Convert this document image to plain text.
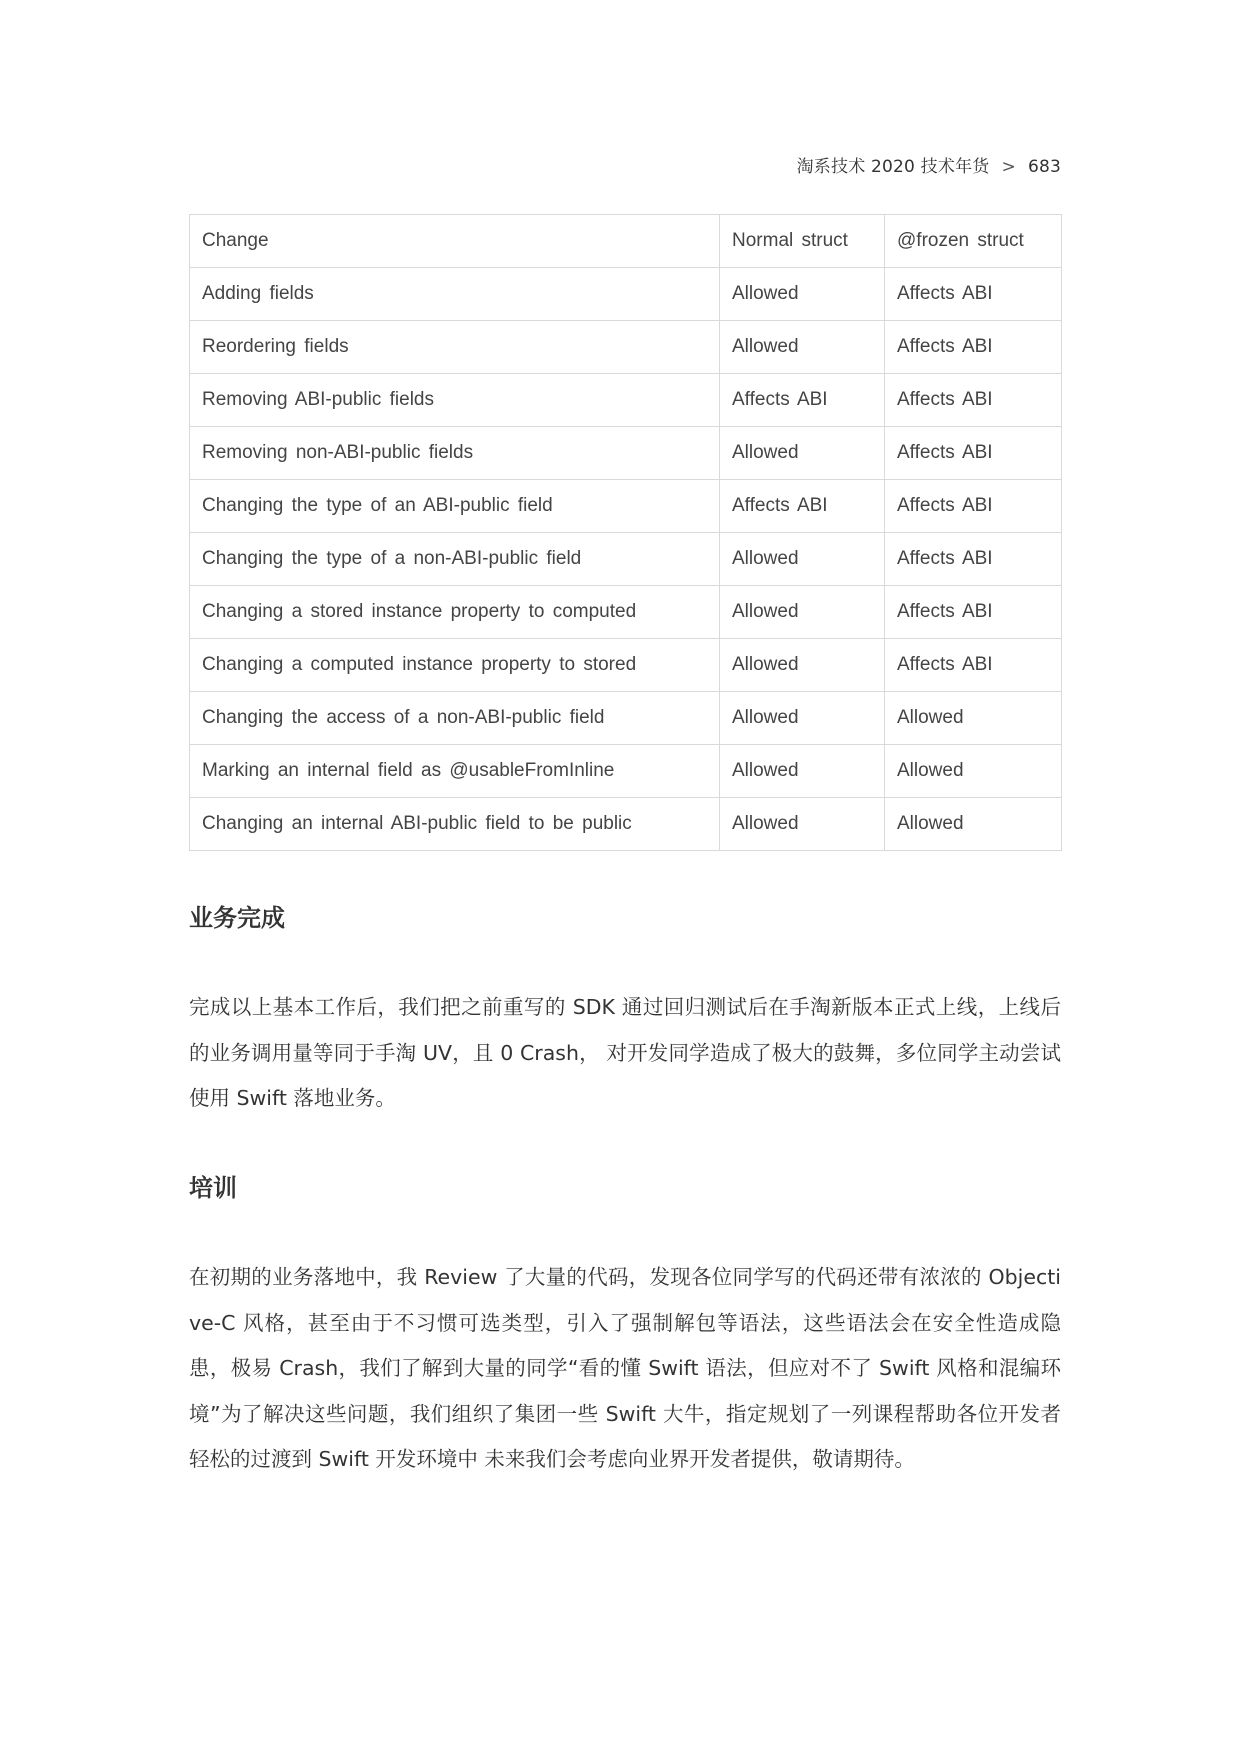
淘系技术 2020 技术年货 > 683
Change	Normal struct	@frozen struct
Adding fields	Allowed	Affects ABI
Reordering fields	Allowed	Affects ABI
Removing ABI-public fields	Affects ABI	Affects ABI
Removing non-ABI-public fields	Allowed	Affects ABI
Changing the type of an ABI-public field	Affects ABI	Affects ABI
Changing the type of a non-ABI-public field	Allowed	Affects ABI
Changing a stored instance property to computed	Allowed	Affects ABI
Changing a computed instance property to stored	Allowed	Affects ABI
Changing the access of a non-ABI-public field	Allowed	Allowed
Marking an internal field as @usableFromInline	Allowed	Allowed
Changing an internal ABI-public field to be public	Allowed	Allowed
业务完成

完成以上基本工作后，我们把之前重写的 SDK 通过回归测试后在手淘新版本正式上线，上线后的业务调用量等同于手淘 UV，且 0 Crash， 对开发同学造成了极大的鼓舞，多位同学主动尝试使用 Swift 落地业务。

培训

在初期的业务落地中，我 Review 了大量的代码，发现各位同学写的代码还带有浓浓的 Objective-C 风格，甚至由于不习惯可选类型，引入了强制解包等语法，这些语法会在安全性造成隐患，极易 Crash，我们了解到大量的同学“看的懂 Swift 语法，但应对不了 Swift 风格和混编环境”为了解决这些问题，我们组织了集团一些 Swift 大牛，指定规划了一列课程帮助各位开发者轻松的过渡到 Swift 开发环境中 未来我们会考虑向业界开发者提供，敬请期待。
